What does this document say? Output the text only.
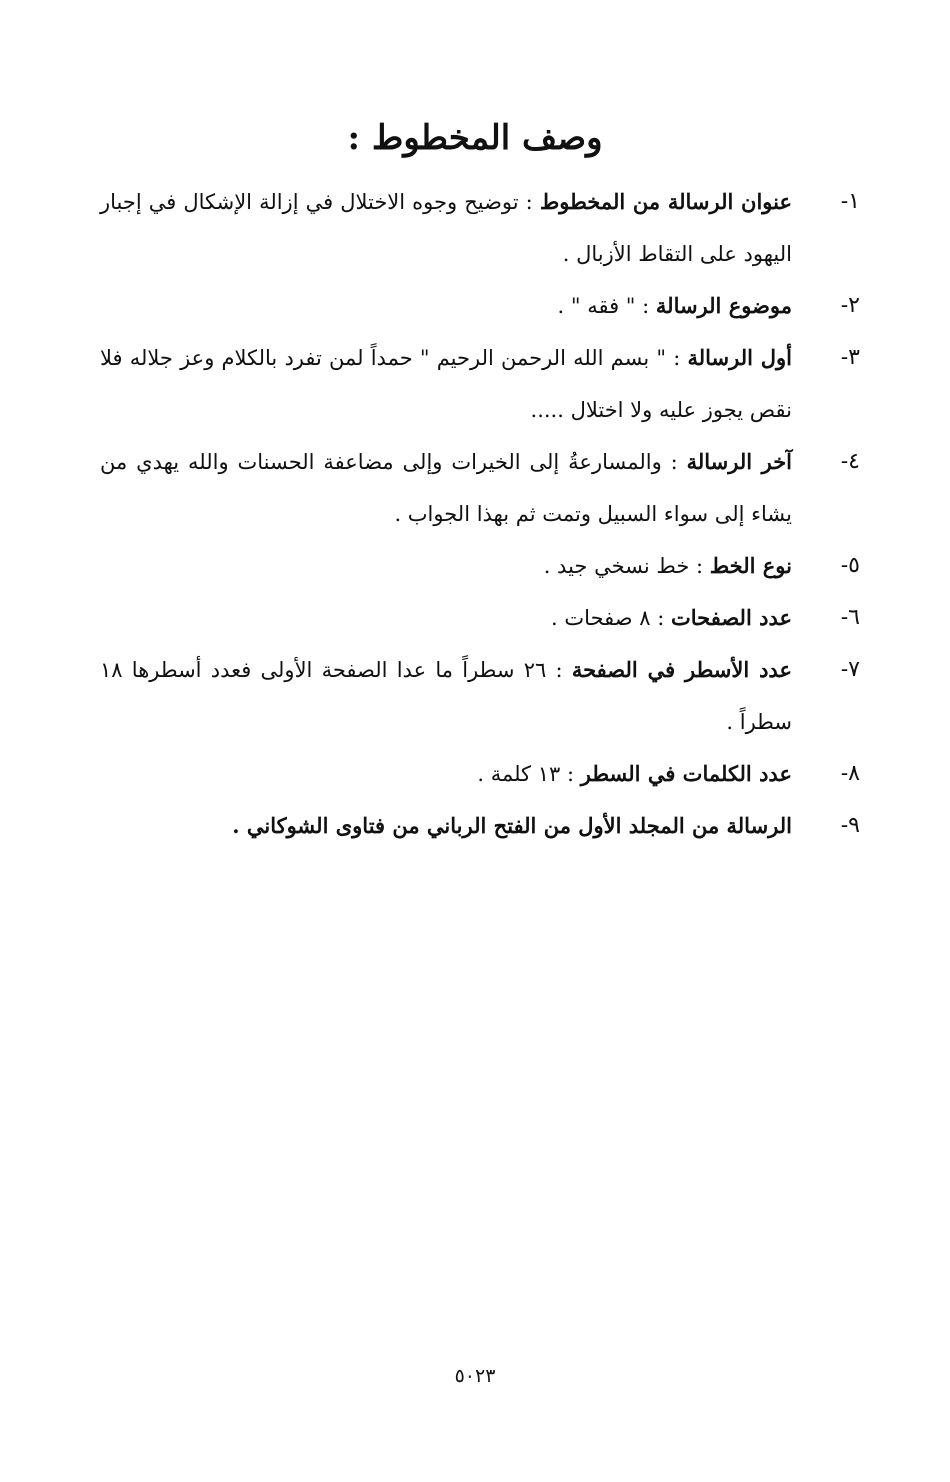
وصف المخطوط :
١-
عنوان الرسالة من المخطوط : توضيح وجوه الاختلال في إزالة الإشكال في إجبار اليهود على التقاط الأزبال .
٢-
موضوع الرسالة : " فقه " .
٣-
أول الرسالة : " بسم الله الرحمن الرحيم " حمداً لمن تفرد بالكلام وعز جلاله فلا نقص يجوز عليه ولا اختلال .....
٤-
آخر الرسالة : والمسارعةُ إلى الخيرات وإلى مضاعفة الحسنات والله يهدي من يشاء إلى سواء السبيل وتمت ثم بهذا الجواب .
٥-
نوع الخط : خط نسخي جيد .
٦-
عدد الصفحات : ٨ صفحات .
٧-
عدد الأسطر في الصفحة : ٢٦ سطراً ما عدا الصفحة الأولى فعدد أسطرها ١٨ سطراً .
٨-
عدد الكلمات في السطر : ١٣ كلمة .
٩-
الرسالة من المجلد الأول من الفتح الرباني من فتاوى الشوكاني .
٥٠٢٣
